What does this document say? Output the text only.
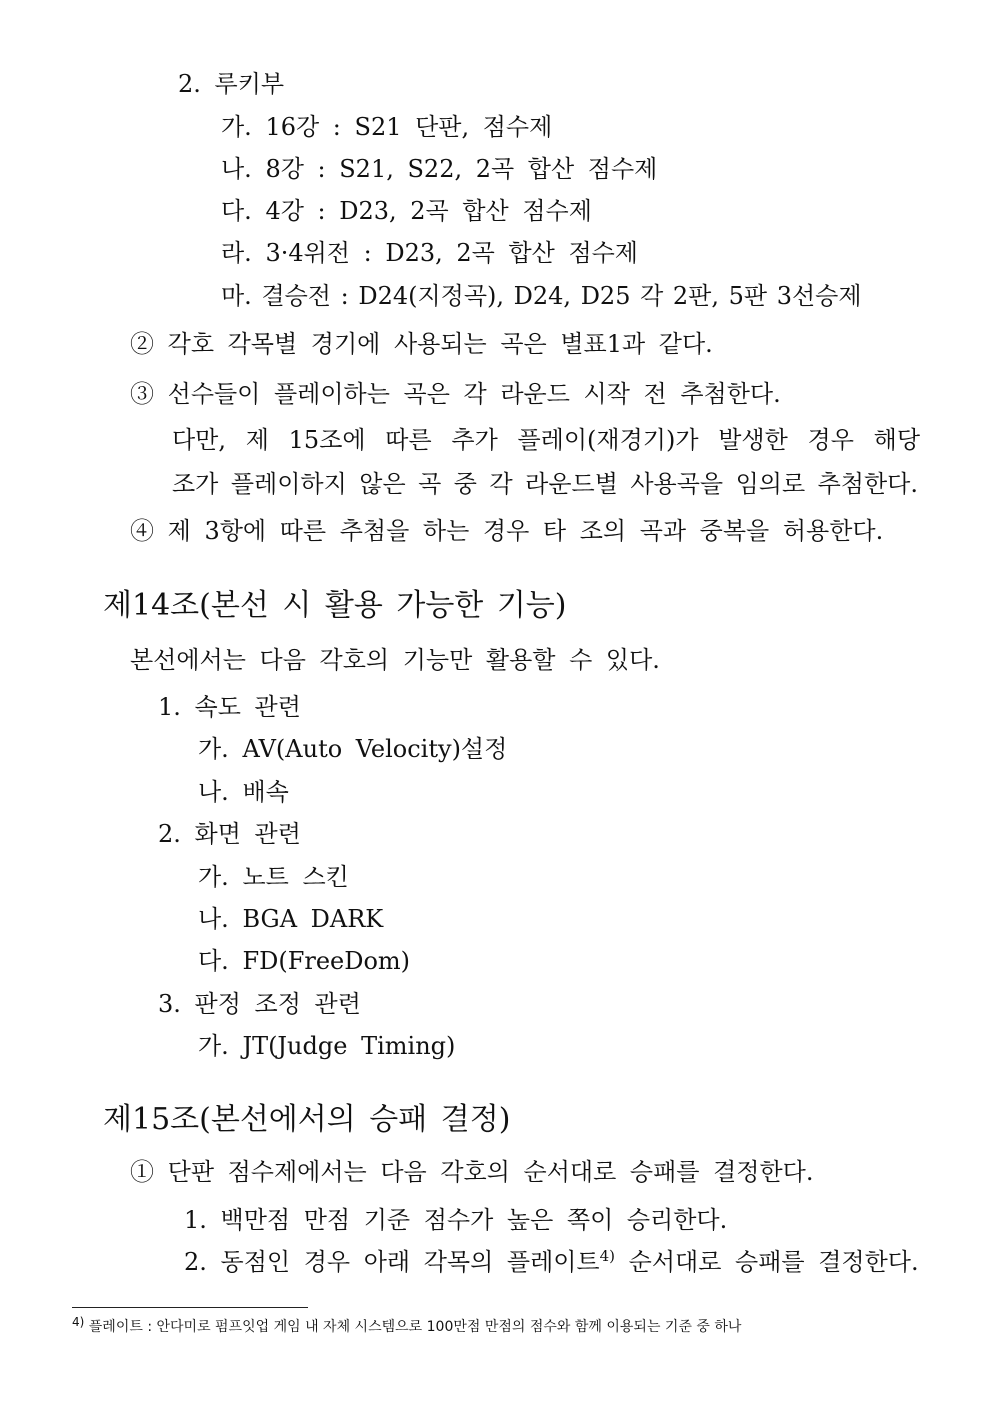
2. 루키부
가. 16강 : S21 단판, 점수제
나. 8강 : S21, S22, 2곡 합산 점수제
다. 4강 : D23, 2곡 합산 점수제
라. 3·4위전 : D23, 2곡 합산 점수제
마. 결승전 : D24(지정곡), D24, D25 각 2판, 5판 3선승제
② 각호 각목별 경기에 사용되는 곡은 별표1과 같다.
③ 선수들이 플레이하는 곡은 각 라운드 시작 전 추첨한다.
다만, 제 15조에 따른 추가 플레이(재경기)가 발생한 경우 해당
조가 플레이하지 않은 곡 중 각 라운드별 사용곡을 임의로 추첨한다.
④ 제 3항에 따른 추첨을 하는 경우 타 조의 곡과 중복을 허용한다.
제14조(본선 시 활용 가능한 기능)
본선에서는 다음 각호의 기능만 활용할 수 있다.
1. 속도 관련
가. AV(Auto Velocity)설정
나. 배속
2. 화면 관련
가. 노트 스킨
나. BGA DARK
다. FD(FreeDom)
3. 판정 조정 관련
가. JT(Judge Timing)
제15조(본선에서의 승패 결정)
① 단판 점수제에서는 다음 각호의 순서대로 승패를 결정한다.
1. 백만점 만점 기준 점수가 높은 쪽이 승리한다.
2. 동점인 경우 아래 각목의 플레이트$^{4)}$ 순서대로 승패를 결정한다.
4) 플레이트 : 안다미로 펌프잇업 게임 내 자체 시스템으로 100만점 만점의 점수와 함께 이용되는 기준 중 하나
